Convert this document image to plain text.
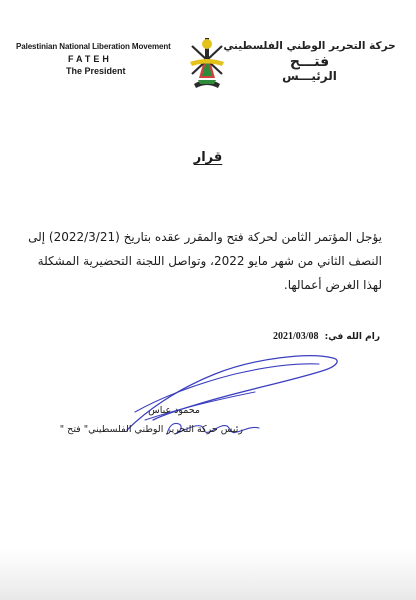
Palestinian National Liberation Movement
FATEH
The President
حركة التحرير الوطني الفلسطيني
فتـــح
الرئيـــس
قرار

يؤجل المؤتمر الثامن لحركة فتح والمقرر عقده بتاريخ (2022/3/21) إلى

النصف الثاني من شهر مايو 2022، وتواصل اللجنة التحضيرية المشكلة

لهذا الغرض أعمالها.

رام الله في: 2021/03/08
محمود عباس
رئيس حركة التحرير الوطني الفلسطيني" فتح "
